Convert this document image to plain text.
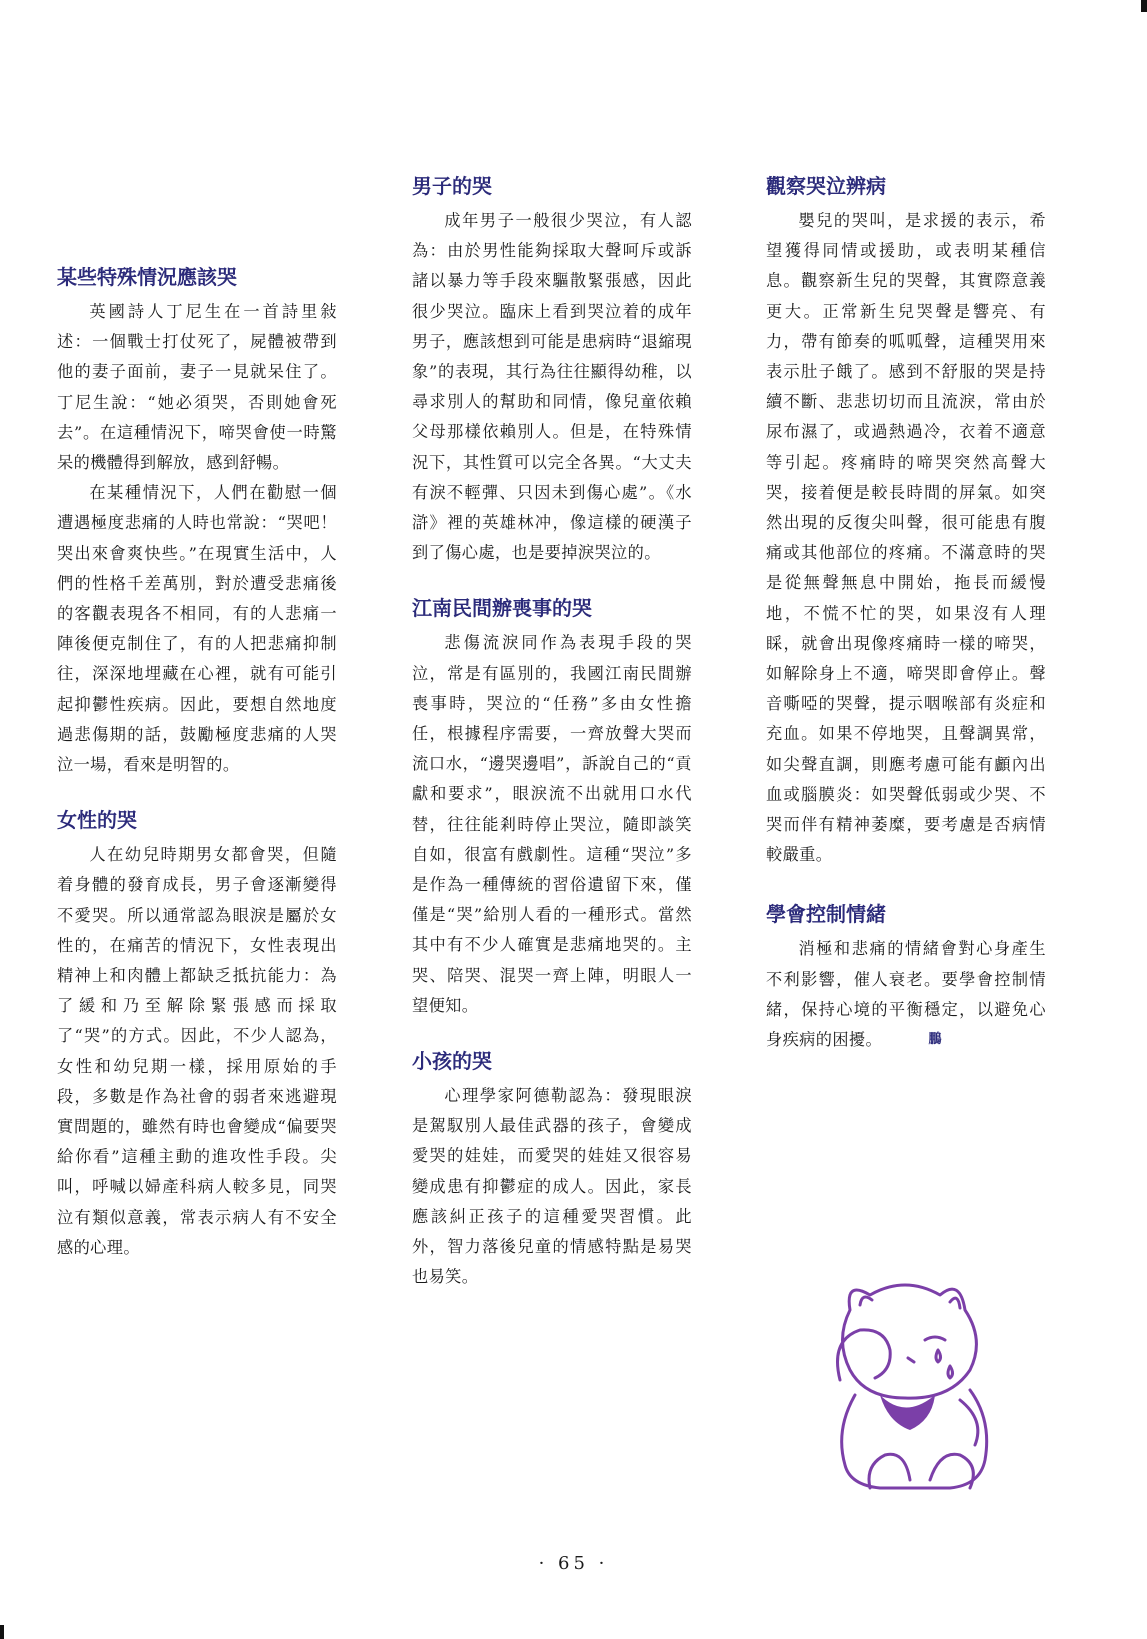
某些特殊情況應該哭

英國詩人丁尼生在一首詩里敍述：一個戰士打仗死了，屍體被帶到他的妻子面前，妻子一見就呆住了。丁尼生說：“她必須哭，否則她會死去”。在這種情況下，啼哭會使一時驚呆的機體得到解放，感到舒暢。

在某種情況下，人們在勸慰一個遭遇極度悲痛的人時也常說：“哭吧！哭出來會爽快些。”在現實生活中，人們的性格千差萬別，對於遭受悲痛後的客觀表現各不相同，有的人悲痛一陣後便克制住了，有的人把悲痛抑制往，深深地埋藏在心裡，就有可能引起抑鬱性疾病。因此，要想自然地度過悲傷期的話，鼓勵極度悲痛的人哭泣一場，看來是明智的。

女性的哭

人在幼兒時期男女都會哭，但隨着身體的發育成長，男子會逐漸變得不愛哭。所以通常認為眼淚是屬於女性的，在痛苦的情況下，女性表現出精神上和肉體上都缺乏抵抗能力：為了緩和乃至解除緊張感而採取了“哭”的方式。因此，不少人認為，女性和幼兒期一樣，採用原始的手段，多數是作為社會的弱者來逃避現實問題的，雖然有時也會變成“偏要哭給你看”這種主動的進攻性手段。尖叫，呼喊以婦產科病人較多見，同哭泣有類似意義，常表示病人有不安全感的心理。

男子的哭

成年男子一般很少哭泣，有人認為：由於男性能夠採取大聲呵斥或訴諸以暴力等手段來驅散緊張感，因此很少哭泣。臨床上看到哭泣着的成年男子，應該想到可能是患病時“退縮現象”的表現，其行為往往顯得幼稚，以尋求別人的幫助和同情，像兒童依賴父母那樣依賴別人。但是，在特殊情況下，其性質可以完全各異。“大丈夫有淚不輕彈、只因未到傷心處”。《水滸》裡的英雄林冲，像這樣的硬漢子到了傷心處，也是要掉淚哭泣的。

江南民間辦喪事的哭

悲傷流淚同作為表現手段的哭泣，常是有區別的，我國江南民間辦喪事時，哭泣的“任務”多由女性擔任，根據程序需要，一齊放聲大哭而流口水，“邊哭邊唱”，訴說自己的“貢獻和要求”，眼淚流不出就用口水代替，往往能剎時停止哭泣，隨即談笑自如，很富有戲劇性。這種“哭泣”多是作為一種傳統的習俗遺留下來，僅僅是“哭”給別人看的一種形式。當然其中有不少人確實是悲痛地哭的。主哭、陪哭、混哭一齊上陣，明眼人一望便知。

小孩的哭

心理學家阿德勒認為：發現眼淚是駕馭別人最佳武器的孩子，會變成愛哭的娃娃，而愛哭的娃娃又很容易變成患有抑鬱症的成人。因此，家長應該糾正孩子的這種愛哭習慣。此外，智力落後兒童的情感特點是易哭也易笑。

觀察哭泣辨病

嬰兒的哭叫，是求援的表示，希望獲得同情或援助，或表明某種信息。觀察新生兒的哭聲，其實際意義更大。正常新生兒哭聲是響亮、有力，帶有節奏的呱呱聲，這種哭用來表示肚子餓了。感到不舒服的哭是持續不斷、悲悲切切而且流淚，常由於尿布濕了，或過熱過冷，衣着不適意等引起。疼痛時的啼哭突然高聲大哭，接着便是較長時間的屏氣。如突然出現的反復尖叫聲，很可能患有腹痛或其他部位的疼痛。不滿意時的哭是從無聲無息中開始，拖長而緩慢地，不慌不忙的哭，如果沒有人理睬，就會出現像疼痛時一樣的啼哭，如解除身上不適，啼哭即會停止。聲音嘶啞的哭聲，提示咽喉部有炎症和充血。如果不停地哭，且聲調異常，如尖聲直調，則應考慮可能有顱內出血或腦膜炎：如哭聲低弱或少哭、不哭而伴有精神萎糜，要考慮是否病情較嚴重。

學會控制情緒

消極和悲痛的情緒會對心身產生不利影響，催人衰老。要學會控制情緒，保持心境的平衡穩定，以避免心身疾病的困擾。	鵬

· 65 ·
